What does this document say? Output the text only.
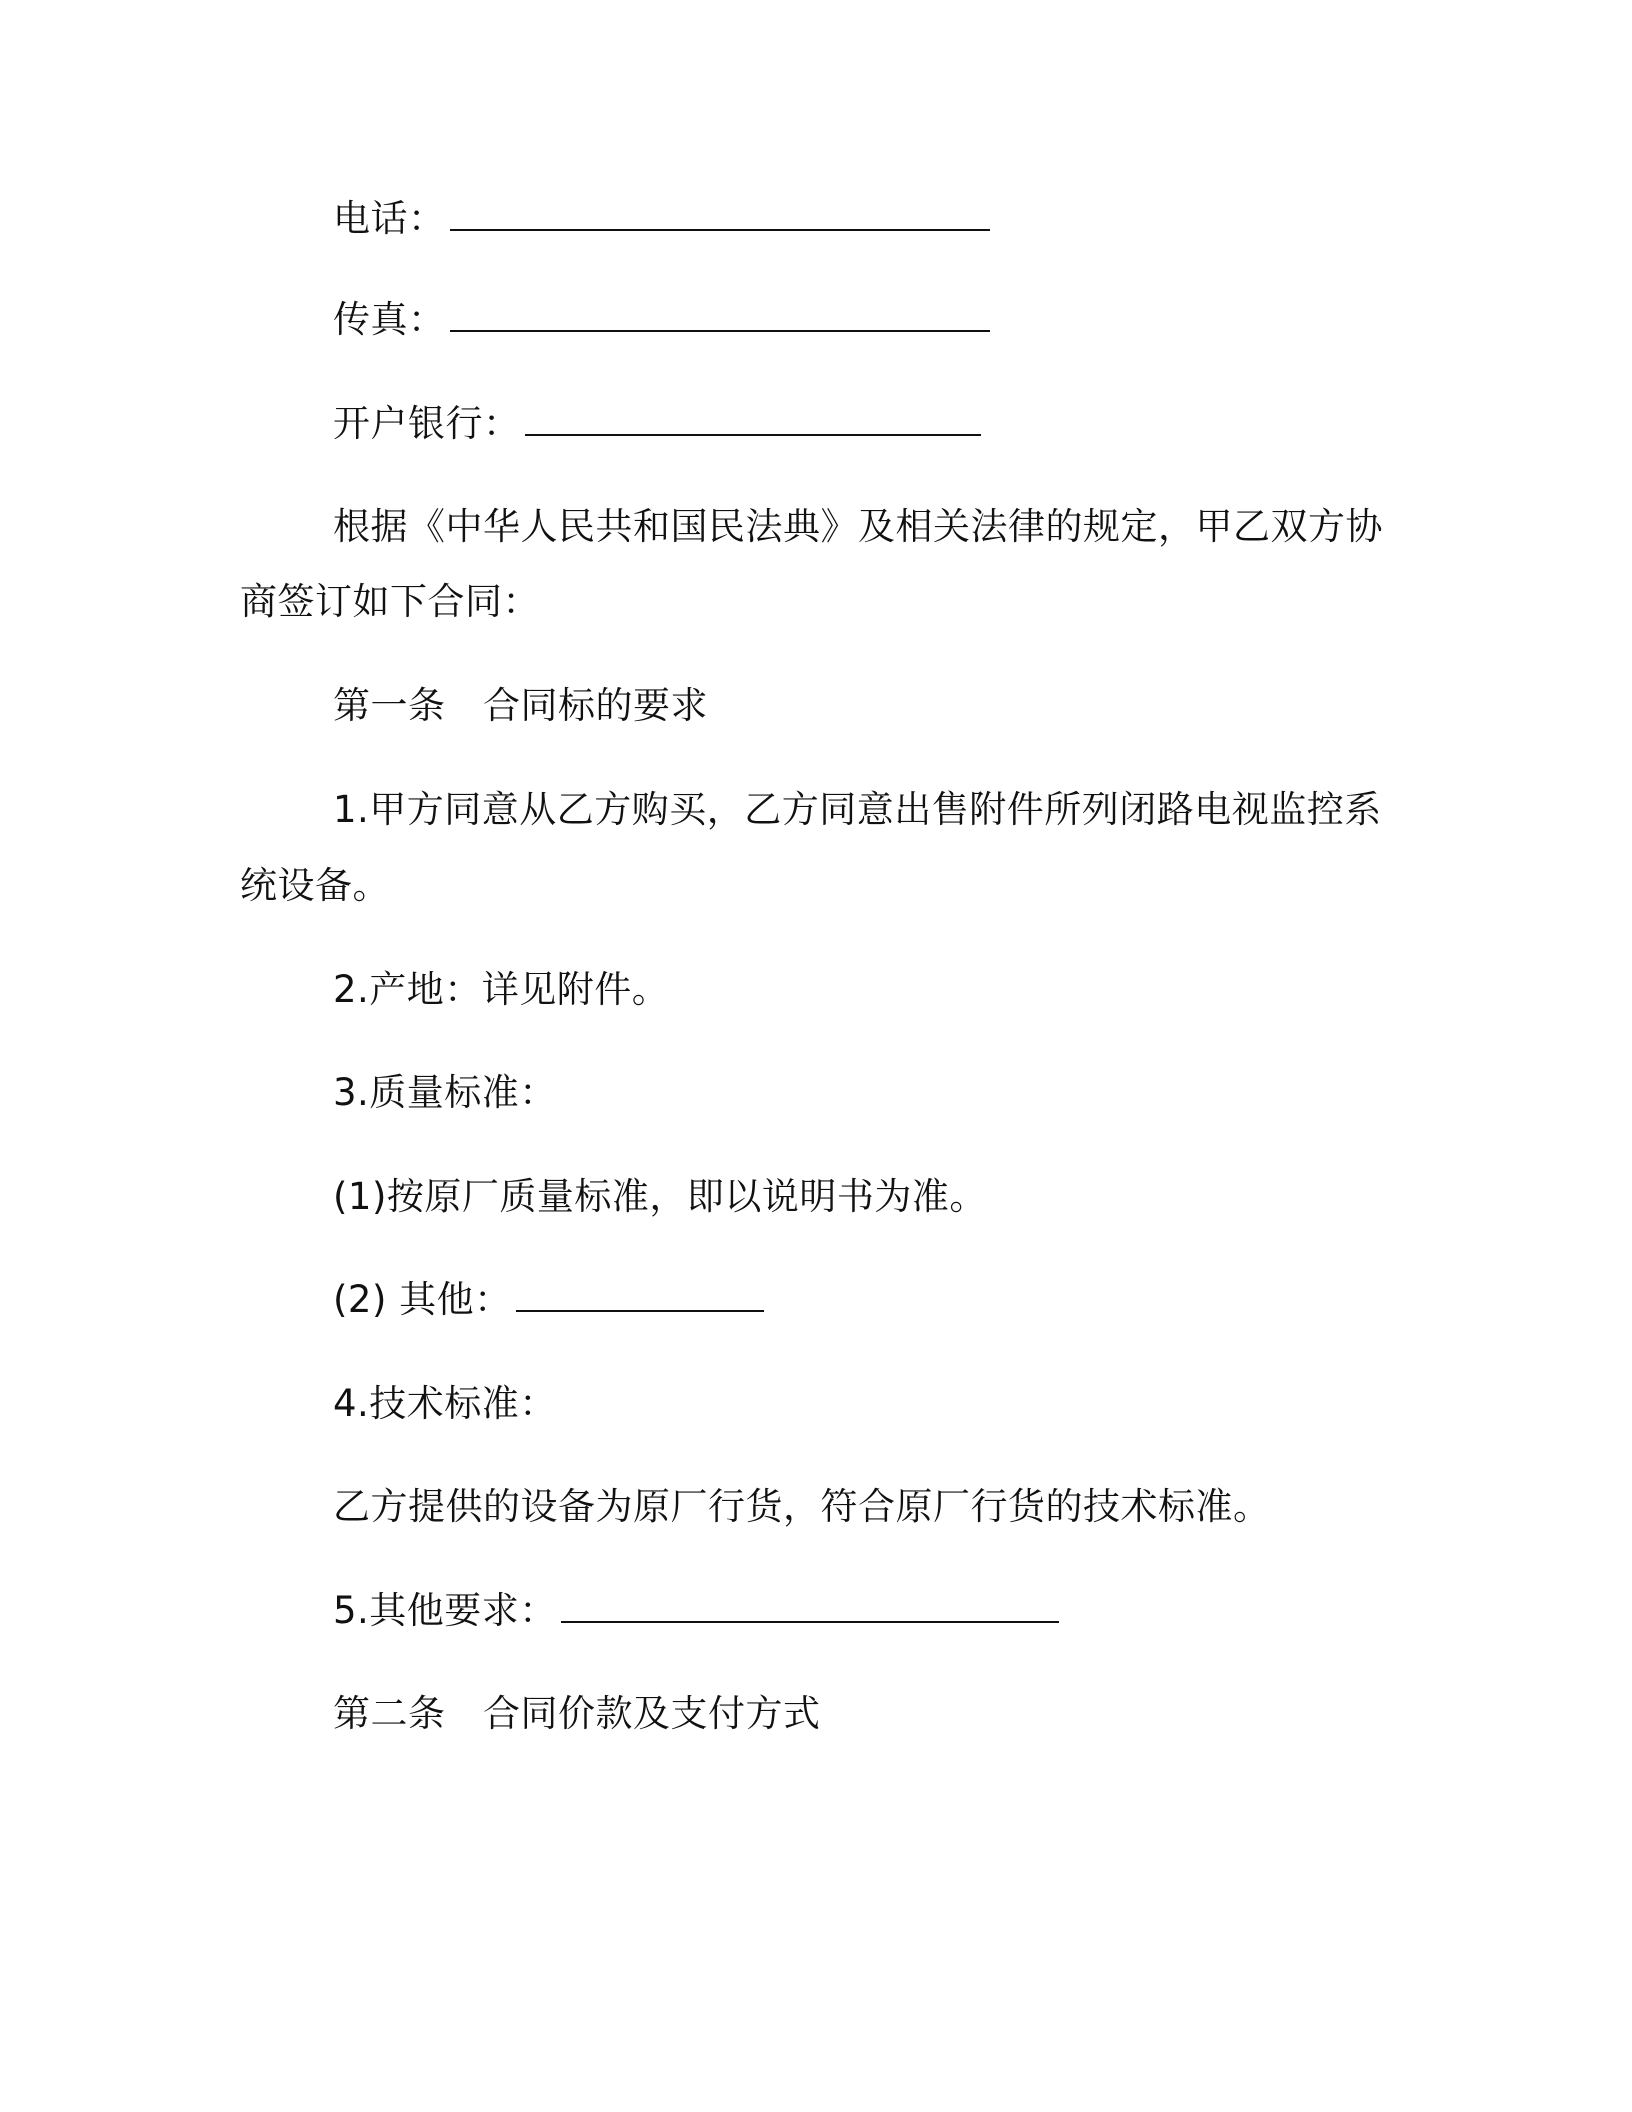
电话：
传真：
开户银行：
根据《中华人民共和国民法典》及相关法律的规定，甲乙双方协
商签订如下合同：
第一条　合同标的要求
1.甲方同意从乙方购买，乙方同意出售附件所列闭路电视监控系
统设备。
2.产地：详见附件。
3.质量标准：
(1)按原厂质量标准，即以说明书为准。
(2) 其他：
4.技术标准：
乙方提供的设备为原厂行货，符合原厂行货的技术标准。
5.其他要求：
第二条　合同价款及支付方式
